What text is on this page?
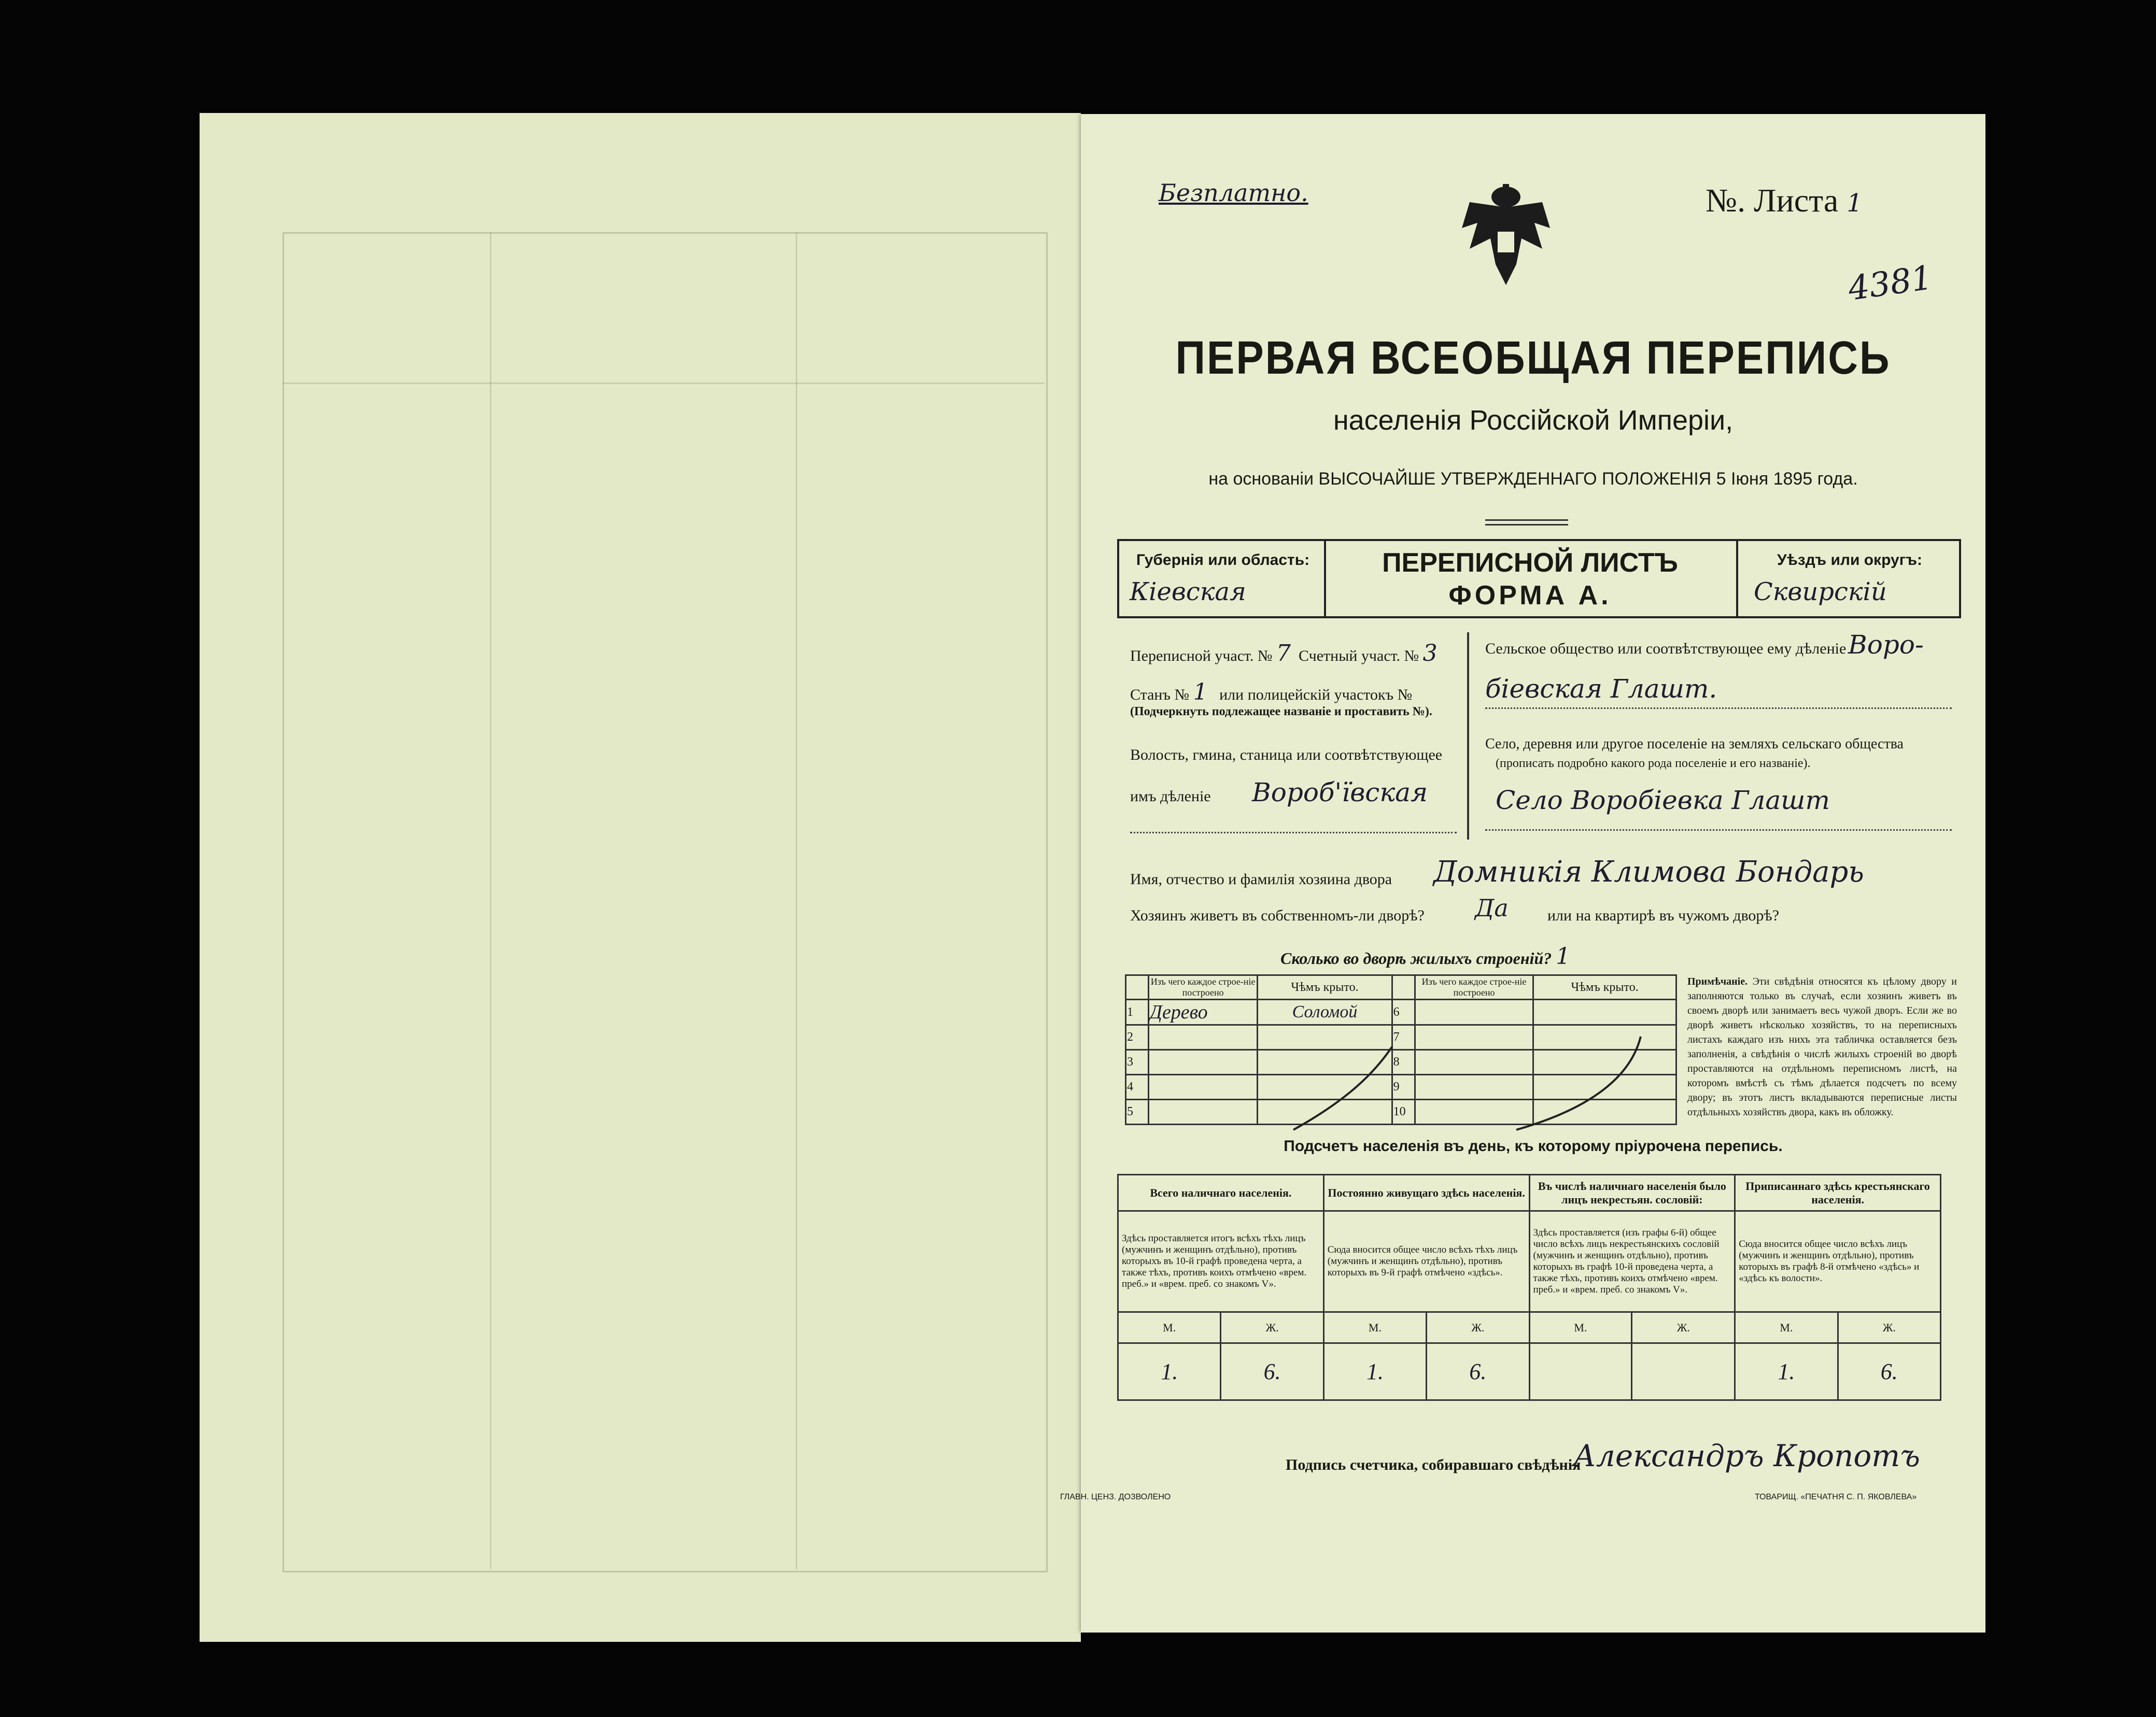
Безплатно.	№. Листа 1
4381
ПЕРВАЯ ВСЕОБЩАЯ ПЕРЕПИСЬ
населенія Россійской Имперіи,
на основаніи ВЫСОЧАЙШЕ УТВЕРЖДЕННАГО ПОЛОЖЕНІЯ 5 Іюня 1895 года.
Губернія или область:
Кіевская
ПЕРЕПИСНОЙ ЛИСТЪ
ФОРМА А.
Уѣздъ или округъ:
Сквирскій
Переписной участ. № 7 Счетный участ. № 3
Станъ № 1 или полицейскій участокъ №
(Подчеркнуть подлежащее названіе и проставить №).
Волость, гмина, станица или соотвѣтствующее
имъ дѣленіе Вороб'ївская
Сельское общество или соотвѣтствующее ему дѣленіе Воро-
біевская Глашт.
Село, деревня или другое поселеніе на земляхъ сельскаго общества
(прописать подробно какого рода поселеніе и его названіе).
Село Воробіевка Глашт
Имя, отчество и фамилія хозяина двора Домникія Климова Бондарь
Хозяинъ живетъ въ собственномъ-ли дворѣ? Да	или на квартирѣ въ чужомъ дворѣ?
Сколько во дворѣ жилыхъ строеній? 1
	Изъ чего каждое строе-ніе построено	Чѣмъ крыто.		Изъ чего каждое строе-ніе построено	Чѣмъ крыто.
1	Дерево	Соломой	6		
2			7		
3			8		
4			9		
5			10		
Примѣчаніе. Эти свѣдѣнія относятся къ цѣлому двору и заполняются только въ случаѣ, если хозяинъ живетъ въ своемъ дворѣ или занимаетъ весь чужой дворъ. Если же во дворѣ живетъ нѣсколько хозяйствъ, то на переписныхъ листахъ каждаго изъ нихъ эта табличка оставляется безъ заполненія, а свѣдѣнія о числѣ жилыхъ строеній во дворѣ проставляются на отдѣльномъ переписномъ листѣ, на которомъ вмѣстѣ съ тѣмъ дѣлается подсчетъ по всему двору; въ этотъ листъ вкладываются переписные листы отдѣльныхъ хозяйствъ двора, какъ въ обложку.
Подсчетъ населенія въ день, къ которому пріурочена перепись.
Всего наличнаго населенія.		Постоянно живущаго здѣсь населенія.		Въ числѣ наличнаго населенія было лицъ некрестьян. сословій:		Приписаннаго здѣсь крестьянскаго населенія.	
Здѣсь проставляется итогъ всѣхъ тѣхъ лицъ (мужчинъ и женщинъ отдѣльно), противъ которыхъ въ 10-й графѣ проведена черта, а также тѣхъ, противъ коихъ отмѣчено «врем. преб.» и «врем. преб. со знакомъ V».		Сюда вносится общее число всѣхъ тѣхъ лицъ (мужчинъ и женщинъ отдѣльно), противъ которыхъ въ 9-й графѣ отмѣчено «здѣсь».		Здѣсь проставляется (изъ графы 6-й) общее число всѣхъ лицъ некрестьянскихъ сословій (мужчинъ и женщинъ отдѣльно), противъ которыхъ въ графѣ 10-й проведена черта, а также тѣхъ, противъ коихъ отмѣчено «врем. преб.» и «врем. преб. со знакомъ V».		Сюда вносится общее число всѣхъ лицъ (мужчинъ и женщинъ отдѣльно), противъ которыхъ въ графѣ 8-й отмѣчено «здѣсь» и «здѣсь къ волости».	
М.	Ж.	М.	Ж.	М.	Ж.	М.	Ж.
1.	6.	1.	6.			1.	6.
Подпись счетчика, собиравшаго свѣдѣнія
Александръ Кропотъ
ГЛАВН. ЦЕНЗ. ДОЗВОЛЕНО	ТОВАРИЩ. «ПЕЧАТНЯ С. П. ЯКОВЛЕВА»
